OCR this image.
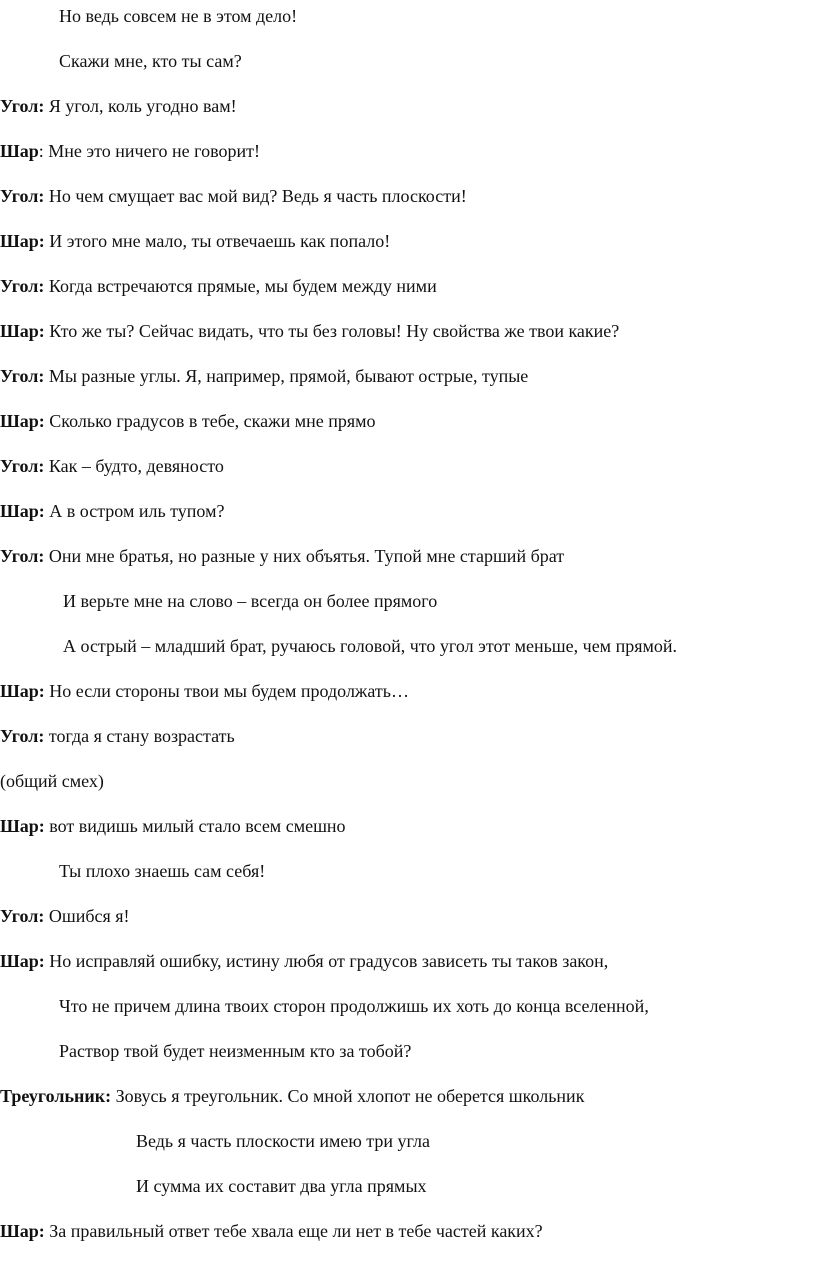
Но ведь совсем не в этом дело!
Скажи мне, кто ты сам?
Угол: Я угол, коль угодно вам!
Шар: Мне это ничего не говорит!
Угол: Но чем смущает вас мой вид? Ведь я часть плоскости!
Шар: И этого мне мало, ты отвечаешь как попало!
Угол: Когда встречаются прямые, мы будем между ними
Шар: Кто же ты? Сейчас видать, что ты без головы! Ну свойства же твои какие?
Угол: Мы разные углы. Я, например, прямой, бывают острые, тупые
Шар: Сколько градусов в тебе, скажи мне прямо
Угол: Как – будто, девяносто
Шар: А в остром иль тупом?
Угол: Они мне братья, но разные у них объятья. Тупой мне старший брат
И верьте мне на слово – всегда он более прямого
А острый – младший брат, ручаюсь головой, что угол этот меньше, чем прямой.
Шар: Но если стороны твои мы будем продолжать…
Угол: тогда я стану возрастать
(общий смех)
Шар: вот видишь милый стало всем смешно
Ты плохо знаешь сам себя!
Угол: Ошибся я!
Шар: Но исправляй ошибку, истину любя от градусов зависеть ты таков закон,
Что не причем длина твоих сторон продолжишь их хоть до конца вселенной,
Раствор твой будет неизменным кто за тобой?
Треугольник: Зовусь я треугольник. Со мной хлопот не оберется школьник
Ведь я часть плоскости имею три угла
И сумма их составит два угла прямых
Шар: За правильный ответ тебе хвала еще ли нет в тебе частей каких?
